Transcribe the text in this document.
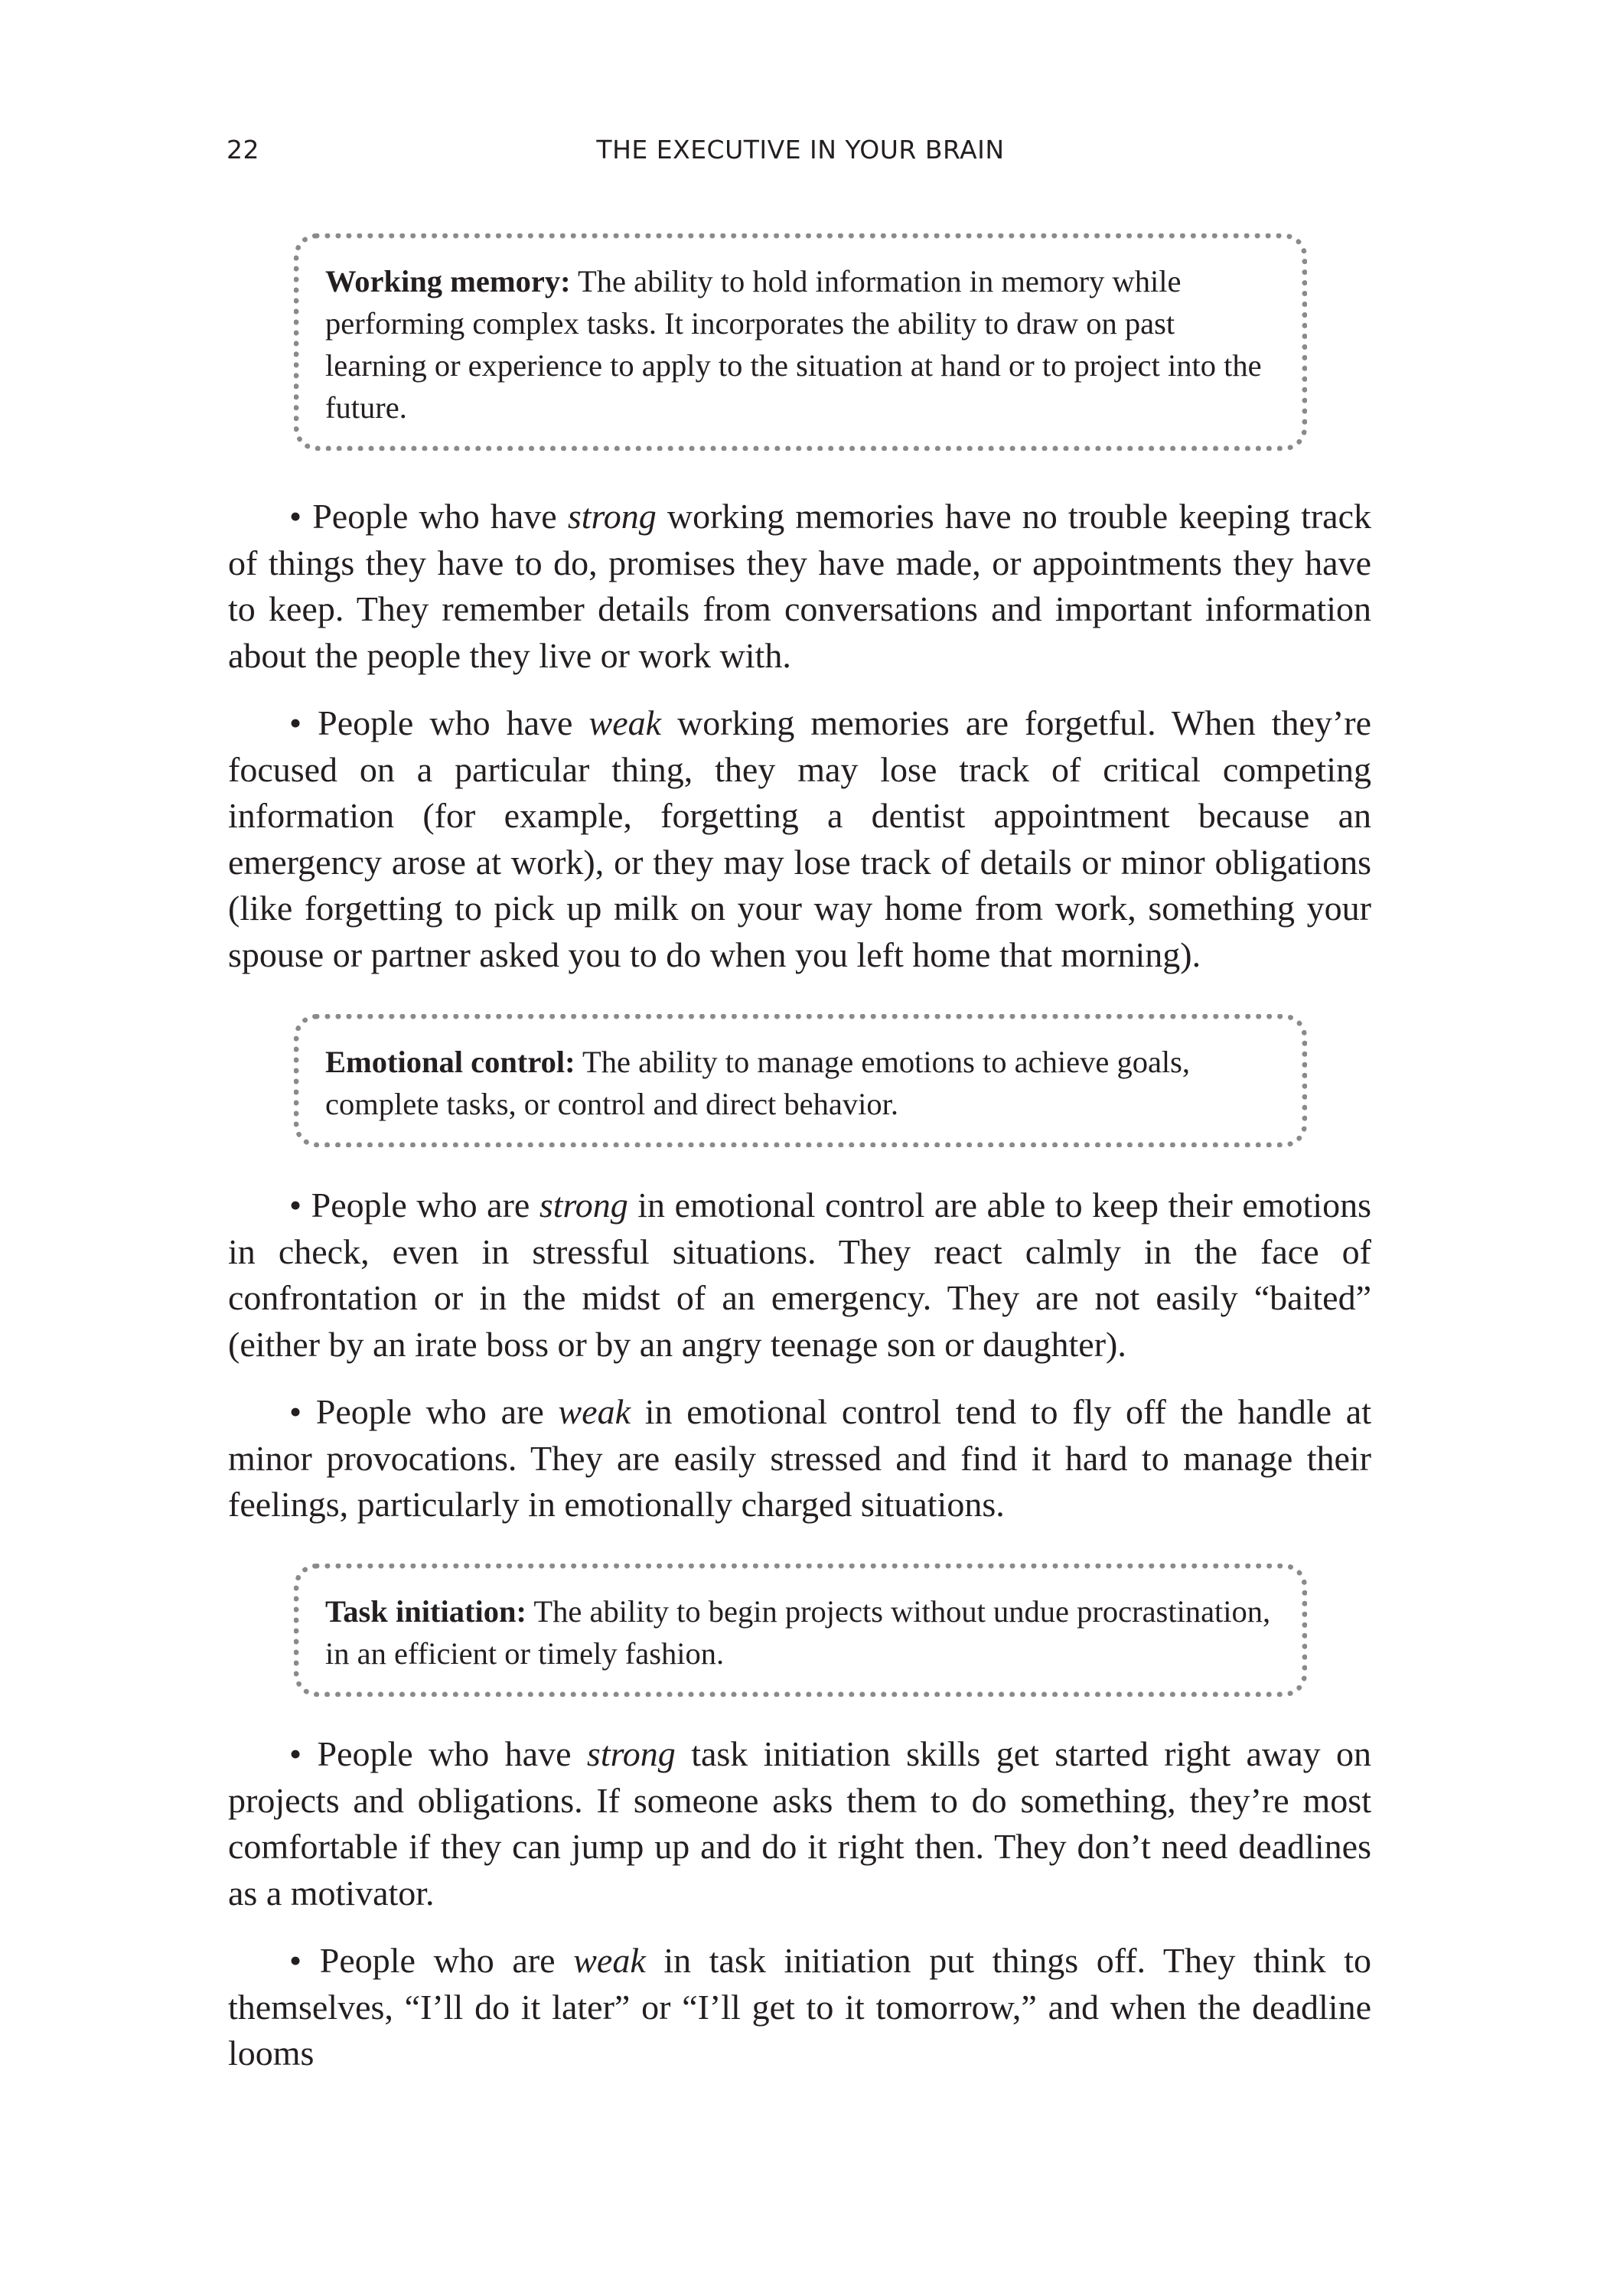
22	THE EXECUTIVE IN YOUR BRAIN
Working memory: The ability to hold information in memory while performing complex tasks. It incorporates the ability to draw on past learning or experience to apply to the situation at hand or to project into the future.

• People who have strong working memories have no trouble keeping track of things they have to do, promises they have made, or appointments they have to keep. They remember details from conversations and important information about the people they live or work with.

• People who have weak working memories are forgetful. When they’re focused on a particular thing, they may lose track of critical competing information (for example, forgetting a dentist appointment because an emergency arose at work), or they may lose track of details or minor obligations (like forgetting to pick up milk on your way home from work, something your spouse or partner asked you to do when you left home that morning).

Emotional control: The ability to manage emotions to achieve goals, complete tasks, or control and direct behavior.

• People who are strong in emotional control are able to keep their emotions in check, even in stressful situations. They react calmly in the face of confrontation or in the midst of an emergency. They are not easily “baited” (either by an irate boss or by an angry teenage son or daughter).

• People who are weak in emotional control tend to fly off the handle at minor provocations. They are easily stressed and find it hard to manage their feelings, particularly in emotionally charged situations.

Task initiation: The ability to begin projects without undue procrastination, in an efficient or timely fashion.

• People who have strong task initiation skills get started right away on projects and obligations. If someone asks them to do something, they’re most comfortable if they can jump up and do it right then. They don’t need deadlines as a motivator.

• People who are weak in task initiation put things off. They think to themselves, “I’ll do it later” or “I’ll get to it tomorrow,” and when the deadline looms
